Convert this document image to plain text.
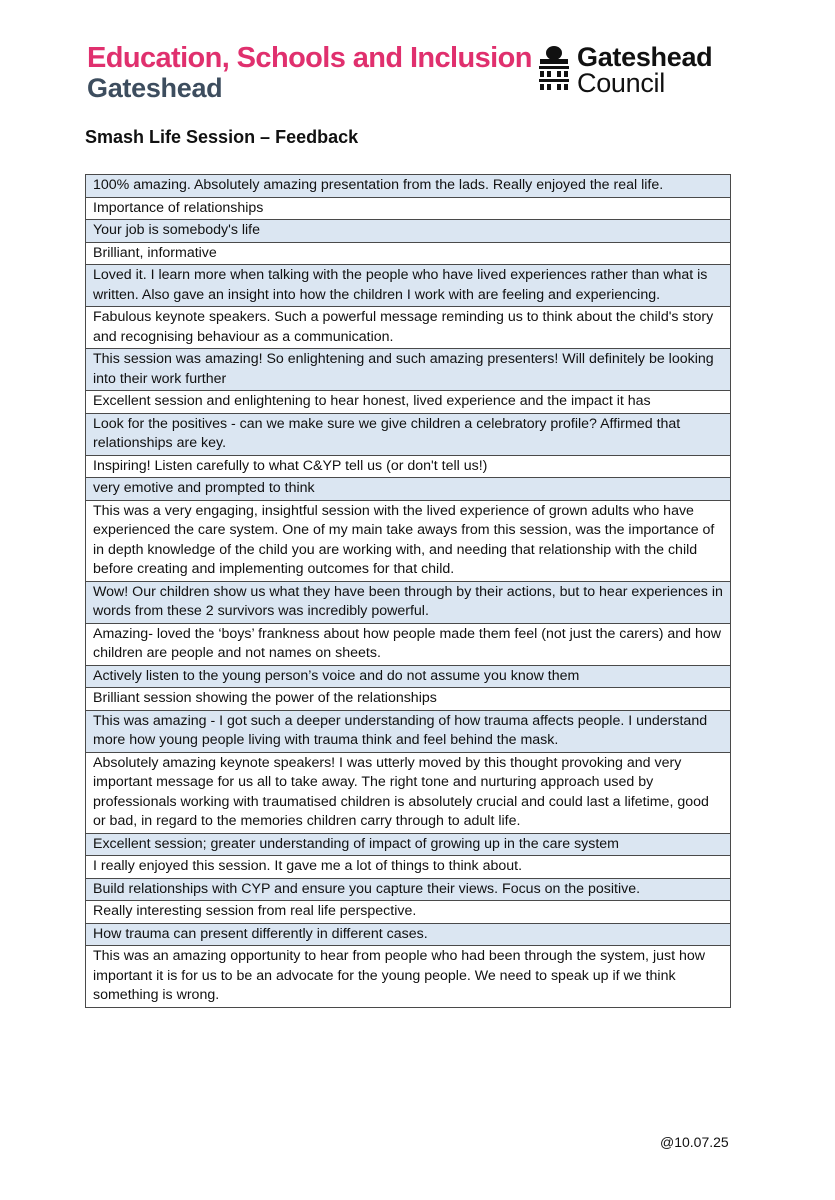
Education, Schools and Inclusion
Gateshead
Gateshead
Council
Smash Life Session – Feedback
100% amazing. Absolutely amazing presentation from the lads. Really enjoyed the real life.
Importance of relationships
Your job is somebody's life
Brilliant, informative
Loved it. I learn more when talking with the people who have lived experiences rather than what is written. Also gave an insight into how the children I work with are feeling and experiencing.
Fabulous keynote speakers. Such a powerful message reminding us to think about the child's story and recognising behaviour as a communication.
This session was amazing! So enlightening and such amazing presenters! Will definitely be looking into their work further
Excellent session and enlightening to hear honest, lived experience and the impact it has
Look for the positives - can we make sure we give children a celebratory profile? Affirmed that relationships are key.
Inspiring! Listen carefully to what C&YP tell us (or don't tell us!)
very emotive and prompted to think
This was a very engaging, insightful session with the lived experience of grown adults who have experienced the care system. One of my main take aways from this session, was the importance of in depth knowledge of the child you are working with, and needing that relationship with the child before creating and implementing outcomes for that child.
Wow! Our children show us what they have been through by their actions, but to hear experiences in words from these 2 survivors was incredibly powerful.
Amazing- loved the ‘boys’ frankness about how people made them feel (not just the carers) and how children are people and not names on sheets.
Actively listen to the young person’s voice and do not assume you know them
Brilliant session showing the power of the relationships
This was amazing - I got such a deeper understanding of how trauma affects people. I understand more how young people living with trauma think and feel behind the mask.
Absolutely amazing keynote speakers! I was utterly moved by this thought provoking and very important message for us all to take away. The right tone and nurturing approach used by professionals working with traumatised children is absolutely crucial and could last a lifetime, good or bad, in regard to the memories children carry through to adult life.
Excellent session; greater understanding of impact of growing up in the care system
I really enjoyed this session. It gave me a lot of things to think about.
Build relationships with CYP and ensure you capture their views. Focus on the positive.
Really interesting session from real life perspective.
How trauma can present differently in different cases.
This was an amazing opportunity to hear from people who had been through the system, just how important it is for us to be an advocate for the young people. We need to speak up if we think something is wrong.
@10.07.25
